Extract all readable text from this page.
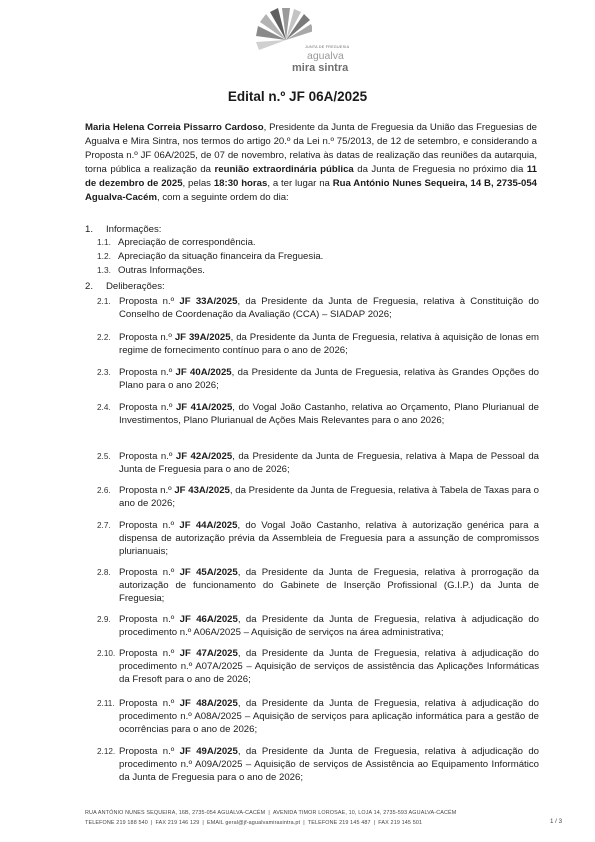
JUNTA DE FREGUESIA
agualva
mira sintra
Edital n.º JF 06A/2025

Maria Helena Correia Pissarro Cardoso, Presidente da Junta de Freguesia da União das Freguesias de Agualva e Mira Sintra, nos termos do artigo 20.º da Lei n.º 75/2013, de 12 de setembro, e considerando a Proposta n.º JF 06A/2025, de 07 de novembro, relativa às datas de realização das reuniões da autarquia, torna pública a realização da reunião extraordinária pública da Junta de Freguesia no próximo dia 11 de dezembro de 2025, pelas 18:30 horas, a ter lugar na Rua António Nunes Sequeira, 14 B, 2735-054 Agualva-Cacém, com a seguinte ordem do dia:

1. Informações:
1.1. Apreciação de correspondência.
1.2. Apreciação da situação financeira da Freguesia.
1.3. Outras Informações.
2. Deliberações:
2.1. Proposta n.º JF 33A/2025, da Presidente da Junta de Freguesia, relativa à Constituição do Conselho de Coordenação da Avaliação (CCA) – SIADAP 2026;
2.2. Proposta n.º JF 39A/2025, da Presidente da Junta de Freguesia, relativa à aquisição de lonas em regime de fornecimento contínuo para o ano de 2026;
2.3. Proposta n.º JF 40A/2025, da Presidente da Junta de Freguesia, relativa às Grandes Opções do Plano para o ano 2026;
2.4. Proposta n.º JF 41A/2025, do Vogal João Castanho, relativa ao Orçamento, Plano Plurianual de Investimentos, Plano Plurianual de Ações Mais Relevantes para o ano 2026;
2.5. Proposta n.º JF 42A/2025, da Presidente da Junta de Freguesia, relativa à Mapa de Pessoal da Junta de Freguesia para o ano de 2026;
2.6. Proposta n.º JF 43A/2025, da Presidente da Junta de Freguesia, relativa à Tabela de Taxas para o ano de 2026;
2.7. Proposta n.º JF 44A/2025, do Vogal João Castanho, relativa à autorização genérica para a dispensa de autorização prévia da Assembleia de Freguesia para a assunção de compromissos plurianuais;
2.8. Proposta n.º JF 45A/2025, da Presidente da Junta de Freguesia, relativa à prorrogação da autorização de funcionamento do Gabinete de Inserção Profissional (G.I.P.) da Junta de Freguesia;
2.9. Proposta n.º JF 46A/2025, da Presidente da Junta de Freguesia, relativa à adjudicação do procedimento n.º A06A/2025 – Aquisição de serviços na área administrativa;
2.10. Proposta n.º JF 47A/2025, da Presidente da Junta de Freguesia, relativa à adjudicação do procedimento n.º A07A/2025 – Aquisição de serviços de assistência das Aplicações Informáticas da Fresoft para o ano de 2026;
2.11. Proposta n.º JF 48A/2025, da Presidente da Junta de Freguesia, relativa à adjudicação do procedimento n.º A08A/2025 – Aquisição de serviços para aplicação informática para a gestão de ocorrências para o ano de 2026;
2.12. Proposta n.º JF 49A/2025, da Presidente da Junta de Freguesia, relativa à adjudicação do procedimento n.º A09A/2025 – Aquisição de serviços de Assistência ao Equipamento Informático da Junta de Freguesia para o ano de 2026;
RUA ANTÓNIO NUNES SEQUEIRA, 16B, 2735-054 AGUALVA-CACÉM | AVENIDA TIMOR LOROSAE, 10, LOJA 14, 2735-593 AGUALVA-CACÉM
TELEFONE 219 188 540 | FAX 219 146 129 | EMAIL geral@jf-agualvamirasintra.pt | TELEFONE 219 145 487 | FAX 219 145 501	1 / 3
